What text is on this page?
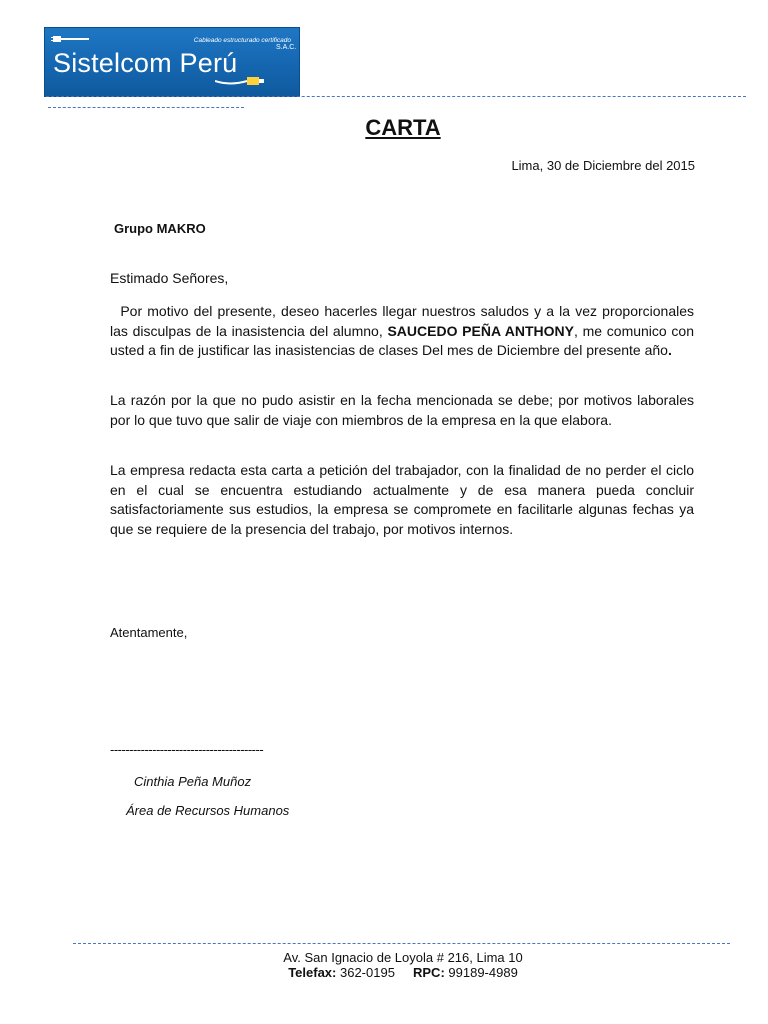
Cableado estructurado certificado
Sistelcom Perú
S.A.C.
CARTA
Lima, 30 de Diciembre del 2015
Grupo MAKRO
Estimado Señores,
Por motivo del presente, deseo hacerles llegar nuestros saludos y a la vez proporcionales las disculpas de la inasistencia del alumno, SAUCEDO PEÑA ANTHONY, me comunico con usted a fin de justificar las inasistencias de clases Del mes de Diciembre del presente año.
La razón por la que no pudo asistir en la fecha mencionada se debe; por motivos laborales por lo que tuvo que salir de viaje con miembros de la empresa en la que elabora.
La empresa redacta esta carta a petición del trabajador, con la finalidad de no perder el ciclo en el cual se encuentra estudiando actualmente y de esa manera pueda concluir satisfactoriamente sus estudios, la empresa se compromete en facilitarle algunas fechas ya que se requiere de la presencia del trabajo, por motivos internos.
Atentamente,
----------------------------------------
Cinthia Peña Muñoz
Área de Recursos Humanos
Av. San Ignacio de Loyola # 216, Lima 10
Telefax: 362-0195 RPC: 99189-4989
